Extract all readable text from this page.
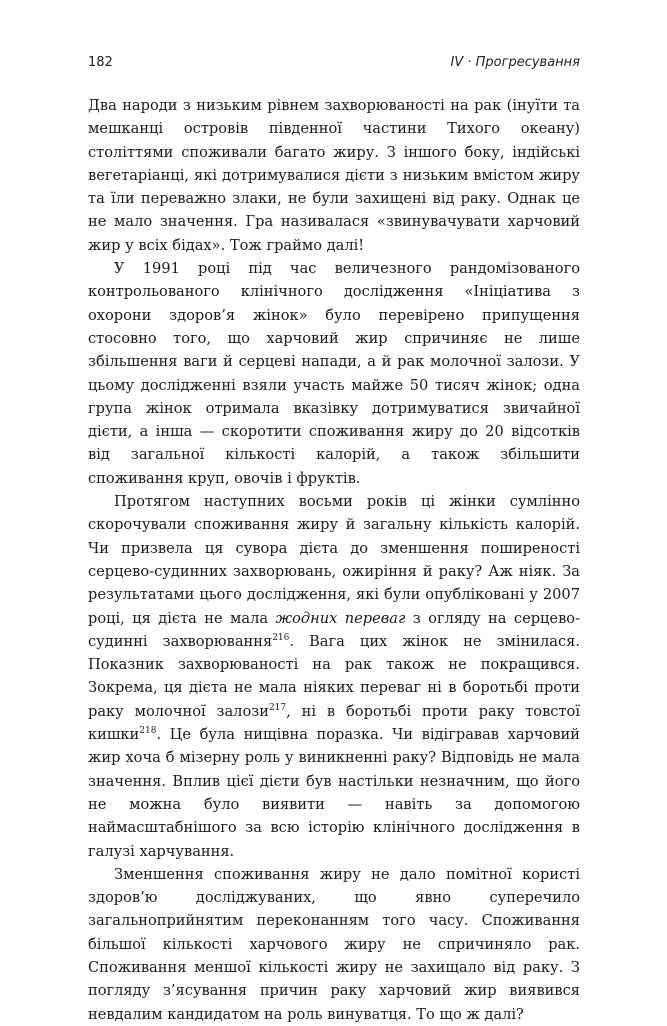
182	IV · Прогресування

Два народи з низьким рівнем захворюваності на рак (інуїти та мешканці островів південної частини Тихого океану) століттями споживали багато жиру. З іншого боку, індійські вегетаріанці, які дотримувалися дієти з низьким вмістом жиру та їли переважно злаки, не були захищені від раку. Однак це не мало значення. Гра називалася «звинувачувати харчовий жир у всіх бідах». Тож граймо далі!

У 1991 році під час величезного рандомізованого контрольованого клінічного дослідження «Ініціатива з охорони здоров’я жінок» було перевірено припущення стосовно того, що харчовий жир спричиняє не лише збільшення ваги й серцеві напади, а й рак молочної залози. У цьому дослідженні взяли участь майже 50 тисяч жінок; одна група жінок отримала вказівку дотримуватися звичайної дієти, а інша — скоротити споживання жиру до 20 відсотків від загальної кількості калорій, а також збільшити споживання круп, овочів і фруктів.

Протягом наступних восьми років ці жінки сумлінно скорочували споживання жиру й загальну кількість калорій. Чи призвела ця сувора дієта до зменшення поширеності серцево-судинних захворювань, ожиріння й раку? Аж ніяк. За результатами цього дослідження, які були опубліковані у 2007 році, ця дієта не мала жодних переваг з огляду на серцево-судинні захворювання$^{216}$. Вага цих жінок не змінилася. Показник захворюваності на рак також не покращився. Зокрема, ця дієта не мала ніяких переваг ні в боротьбі проти раку молочної залози$^{217}$, ні в боротьбі проти раку товстої кишки$^{218}$. Це була нищівна поразка. Чи відігравав харчовий жир хоча б мізерну роль у виникненні раку? Відповідь не мала значення. Вплив цієї дієти був настільки незначним, що його не можна було виявити — навіть за допомогою наймасштабнішого за всю історію клінічного дослідження в галузі харчування.

Зменшення споживання жиру не дало помітної користі здоров’ю досліджуваних, що явно суперечило загальноприйнятим переконанням того часу. Споживання більшої кількості харчового жиру не спричиняло рак. Споживання меншої кількості жиру не захищало від раку. З погляду з’ясування причин раку харчовий жир виявився невдалим кандидатом на роль винуватця. То що ж далі?
